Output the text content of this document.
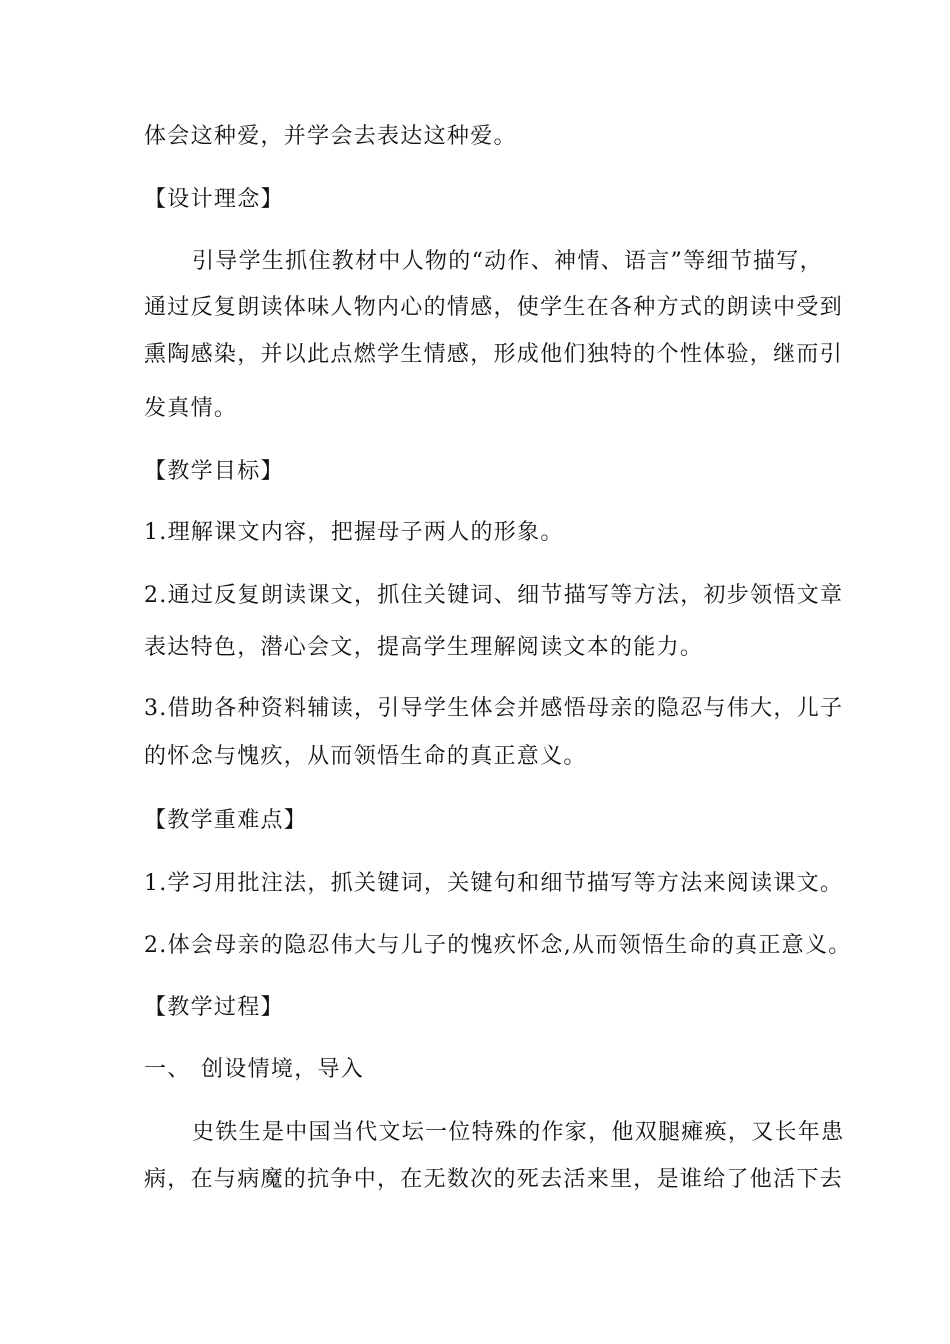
体会这种爱，并学会去表达这种爱。
【设计理念】
引导学生抓住教材中人物的“动作、神情、语言”等细节描写，
通过反复朗读体味人物内心的情感，使学生在各种方式的朗读中受到
熏陶感染，并以此点燃学生情感，形成他们独特的个性体验，继而引
发真情。
【教学目标】
1.理解课文内容，把握母子两人的形象。
2.通过反复朗读课文，抓住关键词、细节描写等方法，初步领悟文章
表达特色，潜心会文，提高学生理解阅读文本的能力。
3.借助各种资料辅读，引导学生体会并感悟母亲的隐忍与伟大，儿子
的怀念与愧疚，从而领悟生命的真正意义。
【教学重难点】
1.学习用批注法，抓关键词，关键句和细节描写等方法来阅读课文。
2.体会母亲的隐忍伟大与儿子的愧疚怀念,从而领悟生命的真正意义。
【教学过程】
一、 创设情境，导入
史铁生是中国当代文坛一位特殊的作家，他双腿瘫痪，又长年患
病，在与病魔的抗争中，在无数次的死去活来里，是谁给了他活下去
